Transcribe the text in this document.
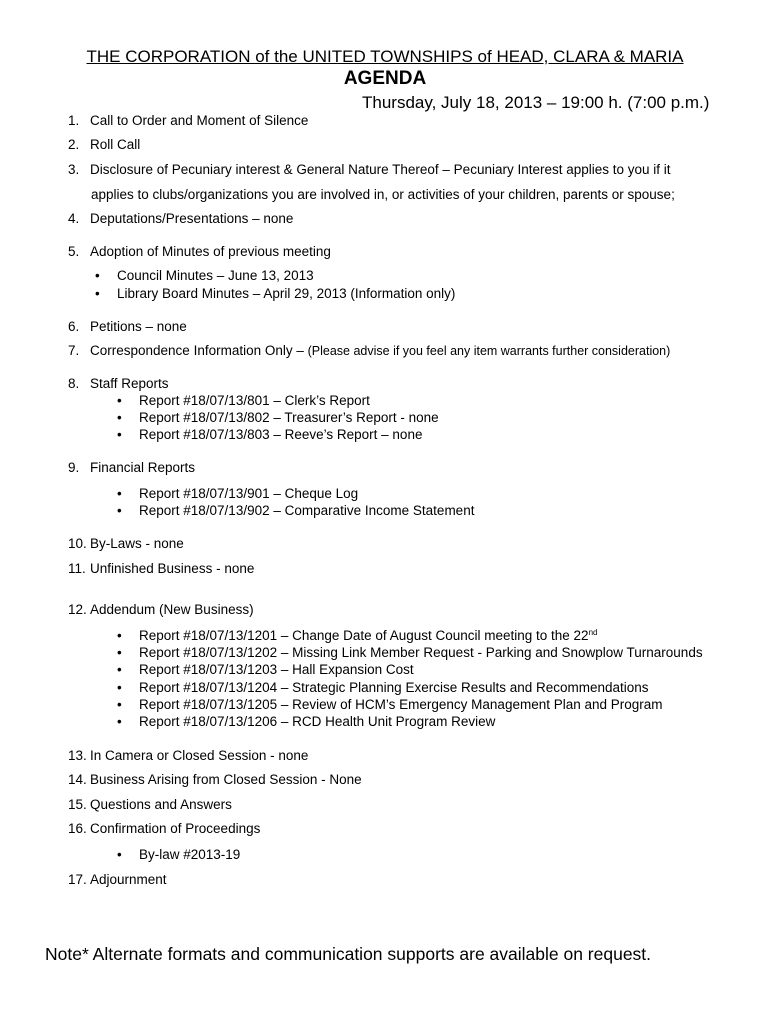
THE CORPORATION of the UNITED TOWNSHIPS of HEAD, CLARA & MARIA
AGENDA
Thursday, July 18, 2013 – 19:00 h. (7:00 p.m.)
1. Call to Order and Moment of Silence
2. Roll Call
3. Disclosure of Pecuniary interest & General Nature Thereof – Pecuniary Interest applies to you if it
applies to clubs/organizations you are involved in, or activities of your children, parents or spouse;
4. Deputations/Presentations – none
5. Adoption of Minutes of previous meeting
• Council Minutes – June 13, 2013
• Library Board Minutes – April 29, 2013 (Information only)
6. Petitions – none
7. Correspondence Information Only – (Please advise if you feel any item warrants further consideration)
8. Staff Reports
• Report #18/07/13/801 – Clerk’s Report
• Report #18/07/13/802 – Treasurer’s Report - none
• Report #18/07/13/803 – Reeve’s Report – none
9. Financial Reports
• Report #18/07/13/901 – Cheque Log
• Report #18/07/13/902 – Comparative Income Statement
10. By-Laws - none
11. Unfinished Business - none
12. Addendum (New Business)
• Report #18/07/13/1201 – Change Date of August Council meeting to the 22nd
• Report #18/07/13/1202 – Missing Link Member Request - Parking and Snowplow Turnarounds
• Report #18/07/13/1203 – Hall Expansion Cost
• Report #18/07/13/1204 – Strategic Planning Exercise Results and Recommendations
• Report #18/07/13/1205 – Review of HCM’s Emergency Management Plan and Program
• Report #18/07/13/1206 – RCD Health Unit Program Review
13. In Camera or Closed Session - none
14. Business Arising from Closed Session - None
15. Questions and Answers
16. Confirmation of Proceedings
• By-law #2013-19
17. Adjournment
Note* Alternate formats and communication supports are available on request.
